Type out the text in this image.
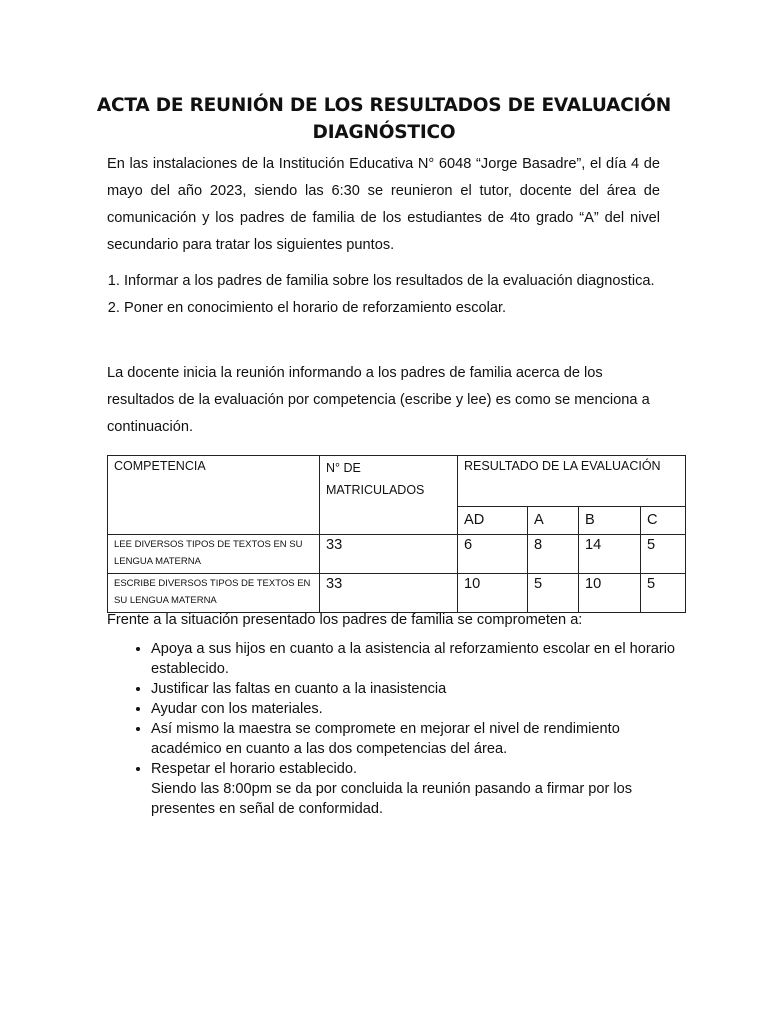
ACTA DE REUNIÓN DE LOS RESULTADOS DE EVALUACIÓN
DIAGNÓSTICO

En las instalaciones de la Institución Educativa N° 6048 “Jorge Basadre”, el día 4 de mayo del año 2023, siendo las 6:30 se reunieron el tutor, docente del área de comunicación y los padres de familia de los estudiantes de 4to grado “A” del nivel secundario para tratar los siguientes puntos.

1. Informar a los padres de familia sobre los resultados de la evaluación diagnostica.
2. Poner en conocimiento el horario de reforzamiento escolar.

La docente inicia la reunión informando a los padres de familia acerca de los resultados de la evaluación por competencia (escribe y lee) es como se menciona a continuación.

COMPETENCIA	N° DE MATRICULADOS	RESULTADO DE LA EVALUACIÓN			
		AD	A	B	C
LEE DIVERSOS TIPOS DE TEXTOS EN SU LENGUA MATERNA	33	6	8	14	5
ESCRIBE DIVERSOS TIPOS DE TEXTOS EN SU LENGUA MATERNA	33	10	5	10	5

Frente a la situación presentado los padres de familia se comprometen a:

• Apoya a sus hijos en cuanto a la asistencia al reforzamiento escolar en el horario establecido.
• Justificar las faltas en cuanto a la inasistencia
• Ayudar con los materiales.
• Así mismo la maestra se compromete en mejorar el nivel de rendimiento académico en cuanto a las dos competencias del área.
• Respetar el horario establecido.
Siendo las 8:00pm se da por concluida la reunión pasando a firmar por los presentes en señal de conformidad.
